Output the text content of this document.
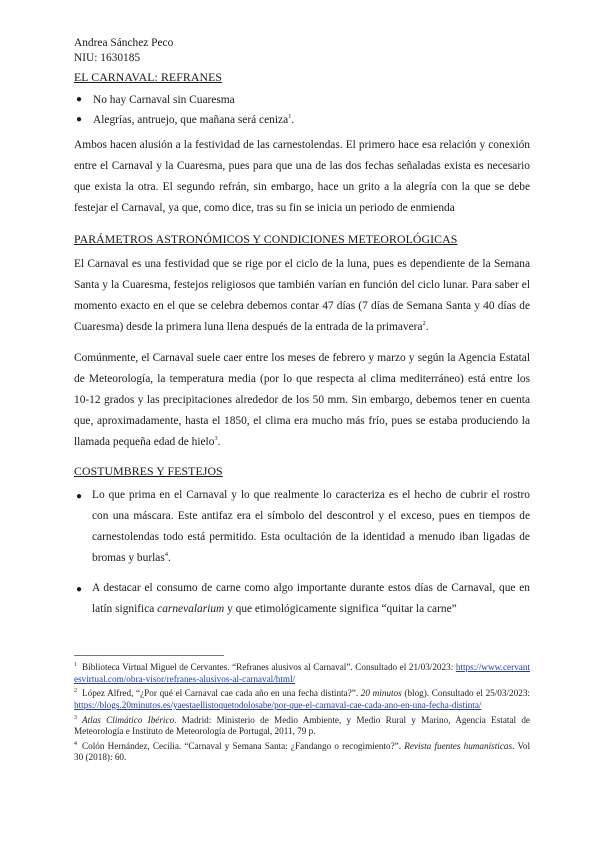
Andrea Sánchez Peco
NIU: 1630185
EL CARNAVAL: REFRANES
● No hay Carnaval sin Cuaresma
● Alegrías, antruejo, que mañana será ceniza$^1$.

Ambos hacen alusión a la festividad de las carnestolendas. El primero hace esa relación y conexión entre el Carnaval y la Cuaresma, pues para que una de las dos fechas señaladas exista es necesario que exista la otra. El segundo refrán, sin embargo, hace un grito a la alegría con la que se debe festejar el Carnaval, ya que, como dice, tras su fin se inicia un periodo de enmienda

PARÁMETROS ASTRONÓMICOS Y CONDICIONES METEOROLÓGICAS

El Carnaval es una festividad que se rige por el ciclo de la luna, pues es dependiente de la Semana Santa y la Cuaresma, festejos religiosos que también varían en función del ciclo lunar. Para saber el momento exacto en el que se celebra debemos contar 47 días (7 días de Semana Santa y 40 días de Cuaresma) desde la primera luna llena después de la entrada de la primavera$^2$.

Comúnmente, el Carnaval suele caer entre los meses de febrero y marzo y según la Agencia Estatal de Meteorología, la temperatura media (por lo que respecta al clima mediterráneo) está entre los 10-12 grados y las precipitaciones alrededor de los 50 mm. Sin embargo, debemos tener en cuenta que, aproximadamente, hasta el 1850, el clima era mucho más frío, pues se estaba produciendo la llamada pequeña edad de hielo$^3$.

COSTUMBRES Y FESTEJOS
● Lo que prima en el Carnaval y lo que realmente lo caracteriza es el hecho de cubrir el rostro con una máscara. Este antifaz era el símbolo del descontrol y el exceso, pues en tiempos de carnestolendas todo está permitido. Esta ocultación de la identidad a menudo iban ligadas de bromas y burlas$^4$.
● A destacar el consumo de carne como algo importante durante estos días de Carnaval, que en latín significa carnevalarium y que etimológicamente significa “quitar la carne”
$^1$ Biblioteca Virtual Miguel de Cervantes. “Refranes alusivos al Carnaval”. Consultado el 21/03/2023: https://www.cervantesvirtual.com/obra-visor/refranes-alusivos-al-carnaval/html/
$^2$ López Alfred, “¿Por qué el Carnaval cae cada año en una fecha distinta?”. 20 minutos (blog). Consultado el 25/03/2023: https://blogs.20minutos.es/yaestaellistoquetodolosabe/por-que-el-carnaval-cae-cada-ano-en-una-fecha-distinta/
$^3$ Atlas Climático Ibérico. Madrid: Ministerio de Medio Ambiente, y Medio Rural y Marino, Agencia Estatal de Meteorología e Instituto de Meteorología de Portugal, 2011, 79 p.
$^4$ Colón Hernández, Cecilia. “Carnaval y Semana Santa: ¿Fandango o recogimiento?”. Revista fuentes humanísticas. Vol 30 (2018): 60.
